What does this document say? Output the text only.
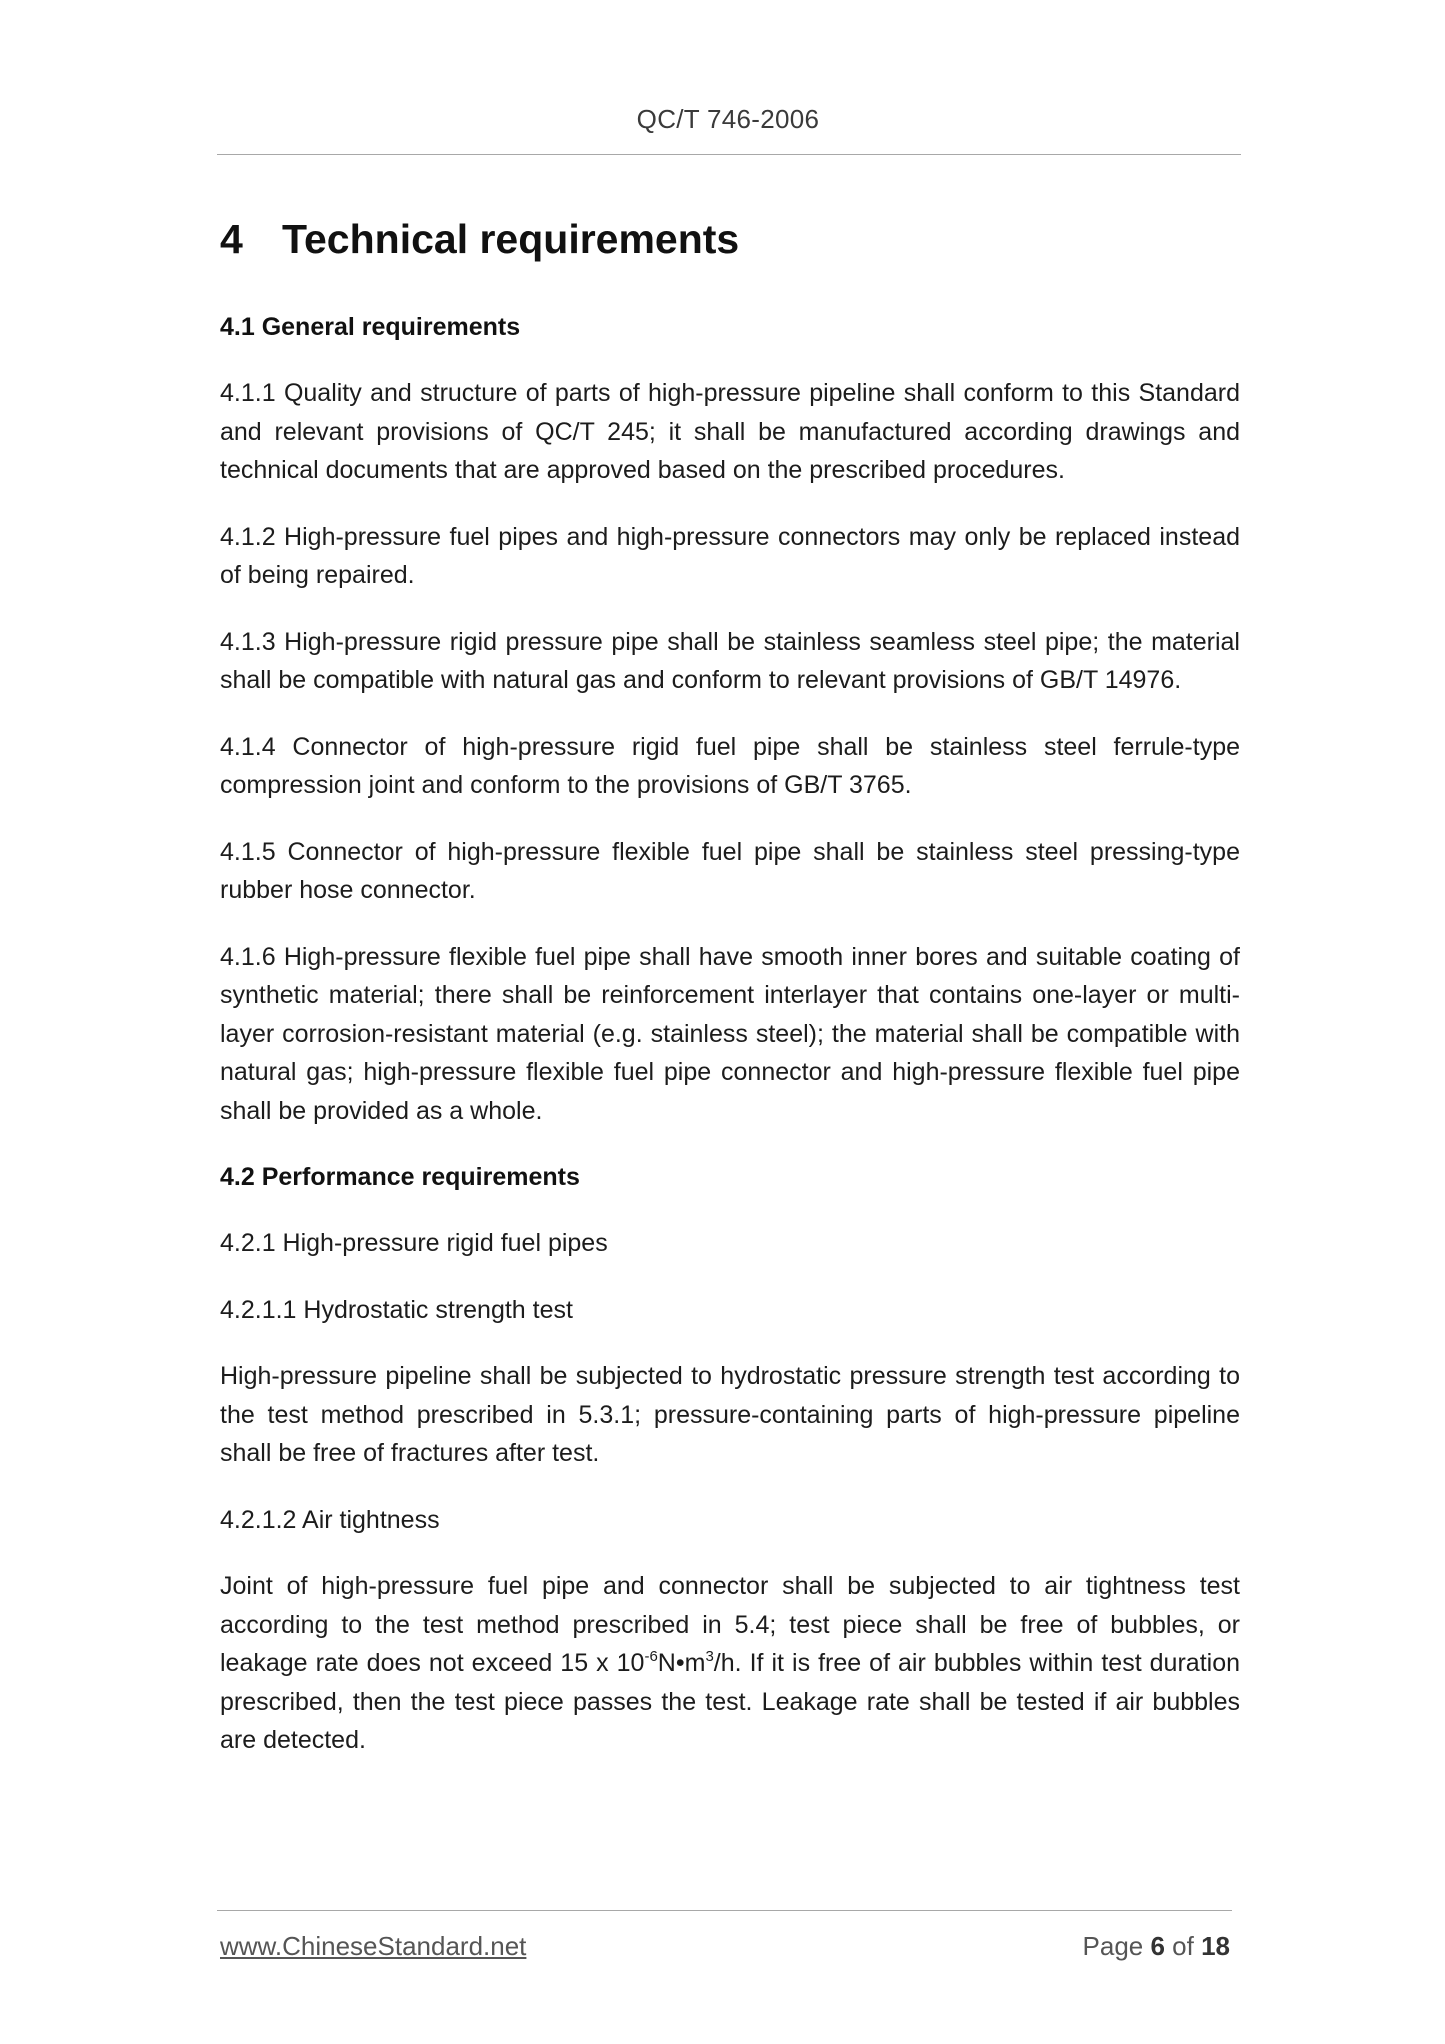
QC/T 746-2006
4 Technical requirements
4.1 General requirements

4.1.1 Quality and structure of parts of high-pressure pipeline shall conform to this Standard and relevant provisions of QC/T 245; it shall be manufactured according drawings and technical documents that are approved based on the prescribed procedures.

4.1.2 High-pressure fuel pipes and high-pressure connectors may only be replaced instead of being repaired.

4.1.3 High-pressure rigid pressure pipe shall be stainless seamless steel pipe; the material shall be compatible with natural gas and conform to relevant provisions of GB/T 14976.

4.1.4 Connector of high-pressure rigid fuel pipe shall be stainless steel ferrule-type compression joint and conform to the provisions of GB/T 3765.

4.1.5 Connector of high-pressure flexible fuel pipe shall be stainless steel pressing-type rubber hose connector.

4.1.6 High-pressure flexible fuel pipe shall have smooth inner bores and suitable coating of synthetic material; there shall be reinforcement interlayer that contains one-layer or multi-layer corrosion-resistant material (e.g. stainless steel); the material shall be compatible with natural gas; high-pressure flexible fuel pipe connector and high-pressure flexible fuel pipe shall be provided as a whole.

4.2 Performance requirements

4.2.1 High-pressure rigid fuel pipes

4.2.1.1 Hydrostatic strength test

High-pressure pipeline shall be subjected to hydrostatic pressure strength test according to the test method prescribed in 5.3.1; pressure-containing parts of high-pressure pipeline shall be free of fractures after test.

4.2.1.2 Air tightness

Joint of high-pressure fuel pipe and connector shall be subjected to air tightness test according to the test method prescribed in 5.4; test piece shall be free of bubbles, or leakage rate does not exceed 15 x $10^{-6}N•m^3/h$. If it is free of air bubbles within test duration prescribed, then the test piece passes the test. Leakage rate shall be tested if air bubbles are detected.

www.ChineseStandard.net	Page 6 of 18
